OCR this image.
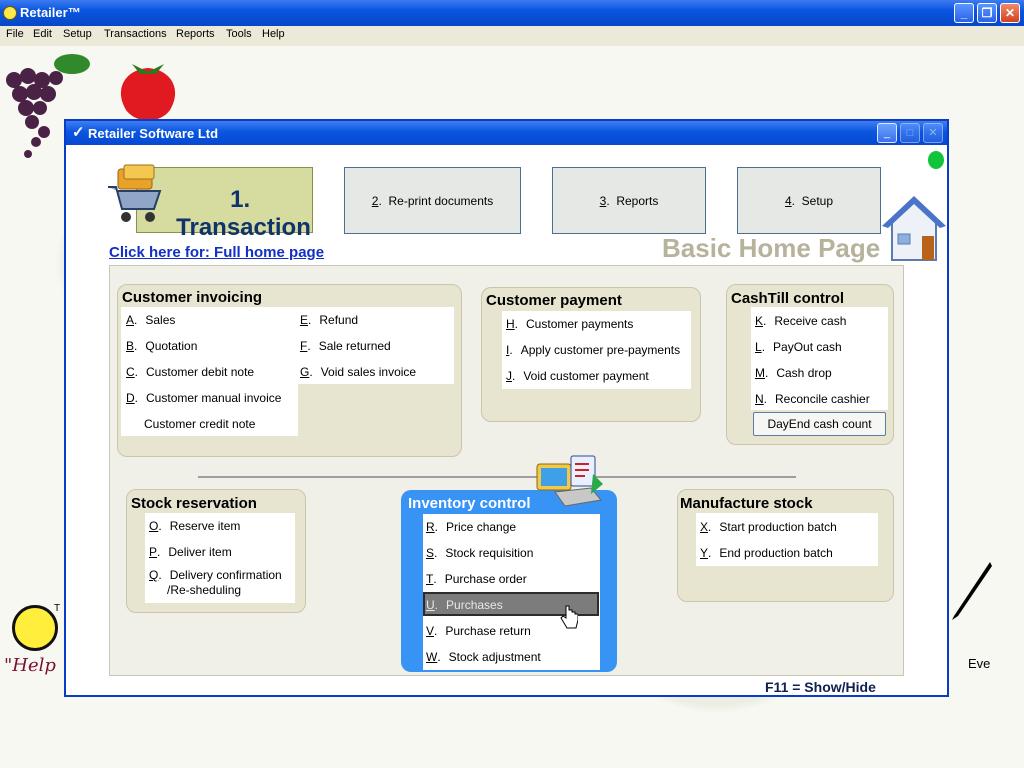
Retailer™	_	❐	✕
File Edit Setup Transactions Reports Tools Help
T
"Help	Eve
✓ Retailer Software Ltd	_	□	✕
1.  Transaction
2.  Re-print documents	3.  Reports	4.  Setup
Click here for: Full home page	Basic Home Page
Customer invoicing
A. Sales
B. Quotation
C. Customer debit note
D. Customer manual invoice
Customer credit note
E. Refund
F. Sale returned
G. Void sales invoice
Customer payment
H. Customer payments
I. Apply customer pre-payments
J. Void customer payment
CashTill control
K. Receive cash
L. PayOut cash
M. Cash drop
N. Reconcile cashier
DayEnd cash count
Stock reservation
O. Reserve item
P. Deliver item
Q. Delivery confirmation
/Re-sheduling
Inventory control
R. Price change
S. Stock requisition
T. Purchase order
U. Purchases
V. Purchase return
W. Stock adjustment
Manufacture stock
X. Start production batch
Y. End production batch
F11 = Show/Hide
